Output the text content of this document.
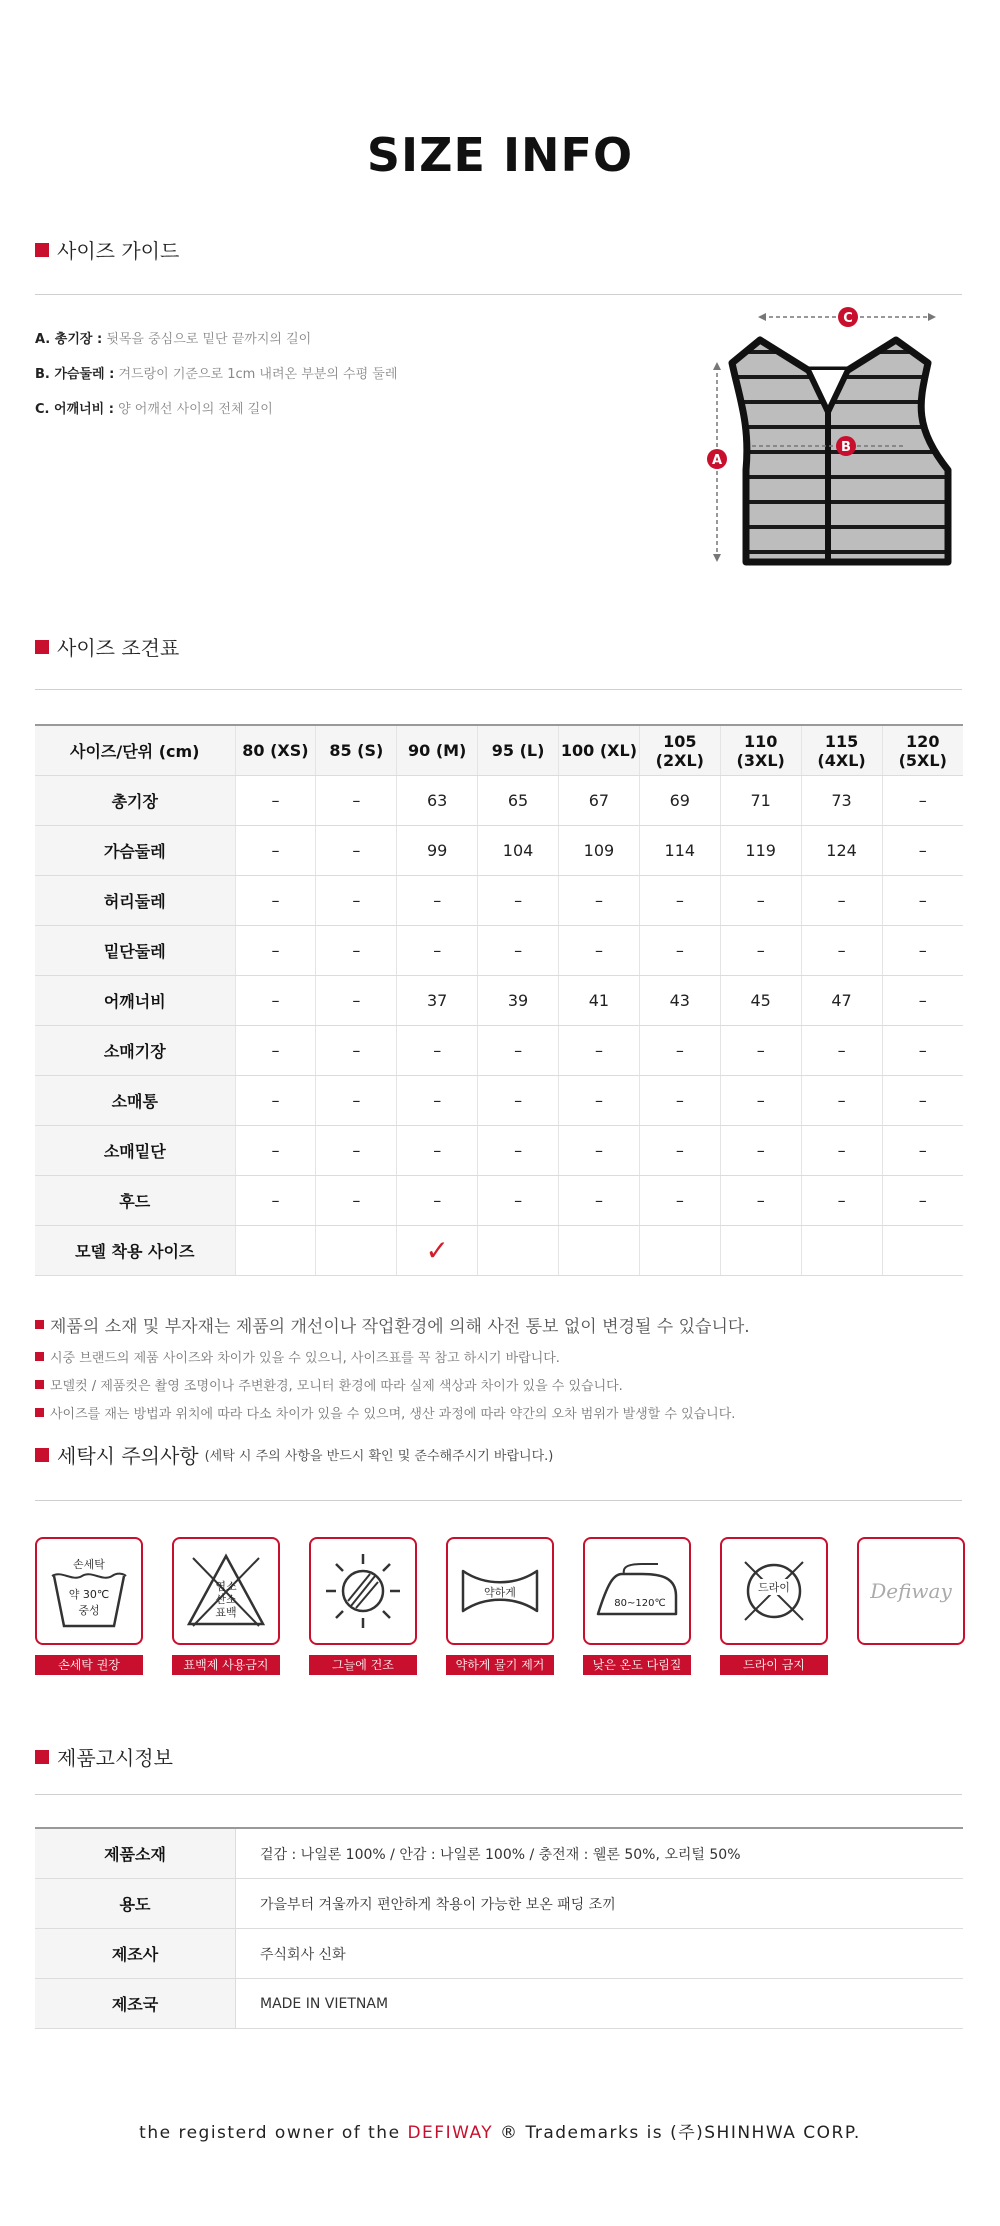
SIZE INFO
사이즈 가이드
A. 총기장 : 뒷목을 중심으로 밑단 끝까지의 길이
B. 가슴둘레 : 겨드랑이 기준으로 1cm 내려온 부분의 수평 둘레
C. 어깨너비 : 양 어깨선 사이의 전체 길이
C
A
B
사이즈 조견표
사이즈/단위 (cm)	80 (XS)	85 (S)	90 (M)	95 (L)	100 (XL)	105 (2XL)	110 (3XL)	115 (4XL)	120 (5XL)
총기장	–	–	63	65	67	69	71	73	–
가슴둘레	–	–	99	104	109	114	119	124	–
허리둘레	–	–	–	–	–	–	–	–	–
밑단둘레	–	–	–	–	–	–	–	–	–
어깨너비	–	–	37	39	41	43	45	47	–
소매기장	–	–	–	–	–	–	–	–	–
소매통	–	–	–	–	–	–	–	–	–
소매밑단	–	–	–	–	–	–	–	–	–
후드	–	–	–	–	–	–	–	–	–
모델 착용 사이즈			✓						
제품의 소재 및 부자재는 제품의 개선이나 작업환경에 의해 사전 통보 없이 변경될 수 있습니다.
시중 브랜드의 제품 사이즈와 차이가 있을 수 있으니, 사이즈표를 꼭 참고 하시기 바랍니다.
모델컷 / 제품컷은 촬영 조명이나 주변환경, 모니터 환경에 따라 실제 색상과 차이가 있을 수 있습니다.
사이즈를 재는 방법과 위치에 따라 다소 차이가 있을 수 있으며, 생산 과정에 따라 약간의 오차 범위가 발생할 수 있습니다.
세탁시 주의사항 (세탁 시 주의 사항을 반드시 확인 및 준수해주시기 바랍니다.)
손세탁
약 30℃
중성
손세탁 권장
염소
산소
표백
표백제 사용금지	그늘에 건조
약하게
약하게 물기 제거
80~120℃
낮은 온도 다림질
드라이
드라이 금지
Defiway
제품고시정보
제품소재	겉감 : 나일론 100% / 안감 : 나일론 100% / 충전재 : 웰론 50%, 오리털 50%
용도	가을부터 겨울까지 편안하게 착용이 가능한 보온 패딩 조끼
제조사	주식회사 신화
제조국	MADE IN VIETNAM
the registerd owner of the DEFIWAY ® Trademarks is (주)SHINHWA CORP.
